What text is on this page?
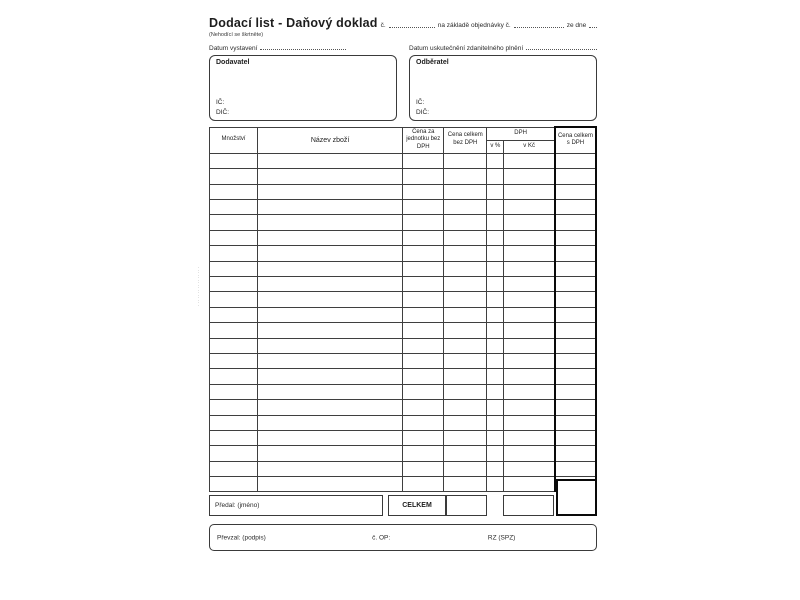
Dodací list - Daňový doklad č.	na základě objednávky č.	ze dne
(Nehodící se škrtněte)
Datum vystavení	Datum uskutečnění zdanitelného plnění
Dodavatel
IČ:
DIČ:
Odběratel
IČ:
DIČ:
Množství	Název zboží	Cena za jednotku bez DPH	Cena celkem bez DPH	DPH		Cena celkem s DPH
				v %	v Kč	

Předal: (jméno)	CELKEM
Převzal: (podpis)	č. OP:	RZ (SPZ)
················
